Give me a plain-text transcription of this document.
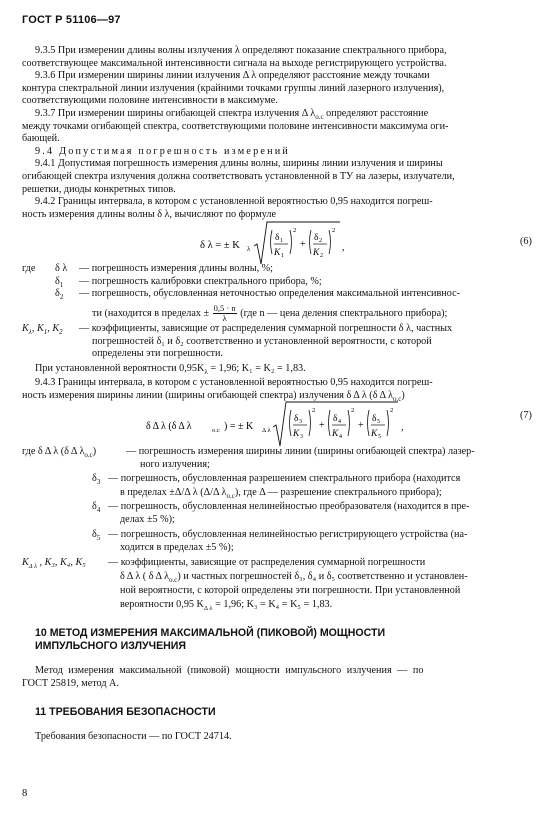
ГОСТ Р 51106—97
9.3.5 При измерении длины волны излучения λ определяют показание спектрального прибора,
соответствующее максимальной интенсивности сигнала на выходе регистрирующего устройства.
9.3.6 При измерении ширины линии излучения Δ λ определяют расстояние между точками
контура спектральной линии излучения (крайними точками группы линий лазерного излучения),
соответствующими половине интенсивности в максимуме.
9.3.7 При измерении ширины огибающей спектра излучения Δ $\lambda_{о.с}$ определяют расстояние
между точками огибающей спектра, соответствующими половине интенсивности максимума оги-
бающей.
9.4 Допустимая погрешность измерений
9.4.1 Допустимая погрешность измерения длины волны, ширины линии излучения и ширины
огибающей спектра излучения должна соответствовать установленной в ТУ на лазеры, излучатели,
решетки, диоды конкретных типов.
9.4.2 Границы интервала, в котором с установленной вероятностью 0,95 находится погреш-
ность измерения длины волны δ λ, вычисляют по формуле
δ λ = ± K λ
δ 1
K 1
2
+
δ 2
K 2
2
,
(6)
где δ λ — погрешность измерения длины волны, %;
$\delta_1$ — погрешность калибровки спектрального прибора, %;
$\delta_2$ — погрешность, обусловленная неточностью определения максимальной интенсивнос-
ти (находится в пределах ± $\frac{0,5 \cdot n}{\lambda} (где$ n — цена деления спектрального прибора);
$K_\lambda$, $K_1$, $K_2$ — коэффициенты, зависящие от распределения суммарной погрешности δ λ, частных
погрешностей δ₁ и δ₂ соответственно и установленной вероятности, с которой
определены эти погрешности.
При установленной вероятности $0,95K_\lambda = 1,96$; K₁ = K₂ = 1,83.
9.4.3 Границы интервала, в котором с установленной вероятностью 0,95 находится погреш-
ность измерения ширины линии (ширины огибающей спектра) излучения δ Δ λ (δ Δ $\lambda_{о.с}$)
δ Δ λ (δ Δ λ	о.с ) = ± K Δ λ
δ 3
K 3
2
+
δ 4
K 4
2
+
δ 5
K 5
2
,
(7)
где δ Δ λ (δ Δ $\lambda_{о.с}$)	— погрешность измерения ширины линии (ширины огибающей спектра) лазер-
ного излучения;
$\delta_3$ — погрешность, обусловленная разрешением спектрального прибора (находится
в пределах ±Δ/Δ λ (Δ/Δ $\lambda_{о.с}$), где Δ — разрешение спектрального прибора);
$\delta_4$ — погрешность, обусловленная нелинейностью преобразователя (находится в пре-
делах ±5 %);
$\delta_5$ — погрешность, обусловленная нелинейностью регистрирующего устройства (на-
ходится в пределах ±5 %);
$K_{\Delta \lambda}$ , K₃, K₄, K₅ — коэффициенты, зависящие от распределения суммарной погрешности
δ Δ λ ( δ Δ $\lambda_{о.с}$) и частных погрешностей δ₃, δ₄ и δ₅ соответственно и установлен-
ной вероятности, с которой определены эти погрешности. При установленной
вероятности 0,95 $K_{\Delta \lambda} = 1,96$; K₃ = K₄ = K₅ = 1,83.
10 МЕТОД ИЗМЕРЕНИЯ МАКСИМАЛЬНОЙ (ПИКОВОЙ) МОЩНОСТИ
ИМПУЛЬСНОГО ИЗЛУЧЕНИЯ
Метод измерения максимальной (пиковой) мощности импульсного излучения — по
ГОСТ 25819, метод А.
11 ТРЕБОВАНИЯ БЕЗОПАСНОСТИ
Требования безопасности — по ГОСТ 24714.
8
